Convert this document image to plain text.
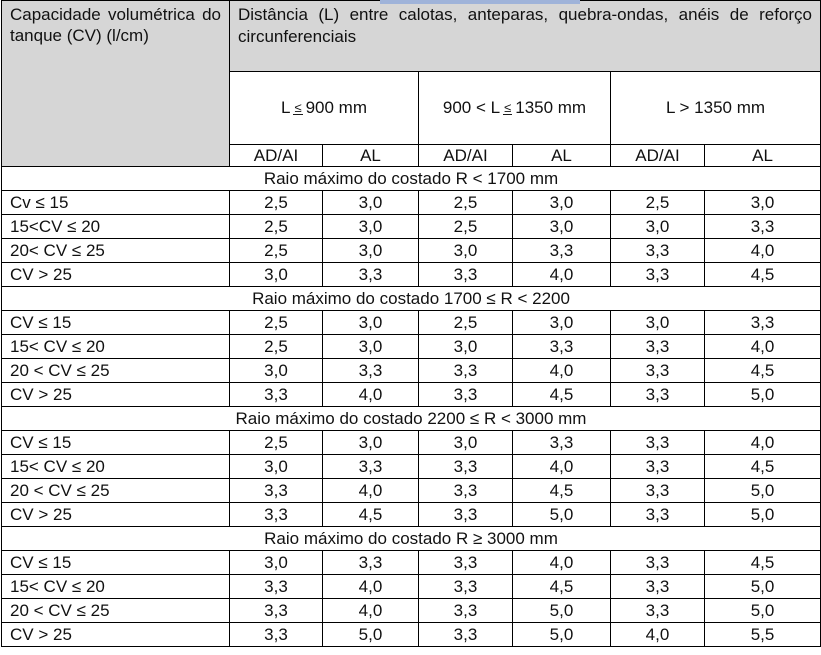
Capacidade volumétrica do tanque (CV) (l/cm)	Distância (L) entre calotas, anteparas, quebra-ondas, anéis de reforço circunferenciais					
	L ≤ 900 mm		900 < L ≤ 1350 mm		L > 1350 mm	
	AD/AI	AL	AD/AI	AL	AD/AI	AL
Raio máximo do costado R < 1700 mm						
Cv ≤ 15	2,5	3,0	2,5	3,0	2,5	3,0
15<CV ≤ 20	2,5	3,0	2,5	3,0	3,0	3,3
20< CV ≤ 25	2,5	3,0	3,0	3,3	3,3	4,0
CV > 25	3,0	3,3	3,3	4,0	3,3	4,5
Raio máximo do costado 1700 ≤ R < 2200						
CV ≤ 15	2,5	3,0	2,5	3,0	3,0	3,3
15< CV ≤ 20	2,5	3,0	3,0	3,3	3,3	4,0
20 < CV ≤ 25	3,0	3,3	3,3	4,0	3,3	4,5
CV > 25	3,3	4,0	3,3	4,5	3,3	5,0
Raio máximo do costado 2200 ≤ R < 3000 mm						
CV ≤ 15	2,5	3,0	3,0	3,3	3,3	4,0
15< CV ≤ 20	3,0	3,3	3,3	4,0	3,3	4,5
20 < CV ≤ 25	3,3	4,0	3,3	4,5	3,3	5,0
CV > 25	3,3	4,5	3,3	5,0	3,3	5,0
Raio máximo do costado R ≥ 3000 mm						
CV ≤ 15	3,0	3,3	3,3	4,0	3,3	4,5
15< CV ≤ 20	3,3	4,0	3,3	4,5	3,3	5,0
20 < CV ≤ 25	3,3	4,0	3,3	5,0	3,3	5,0
CV > 25	3,3	5,0	3,3	5,0	4,0	5,5
